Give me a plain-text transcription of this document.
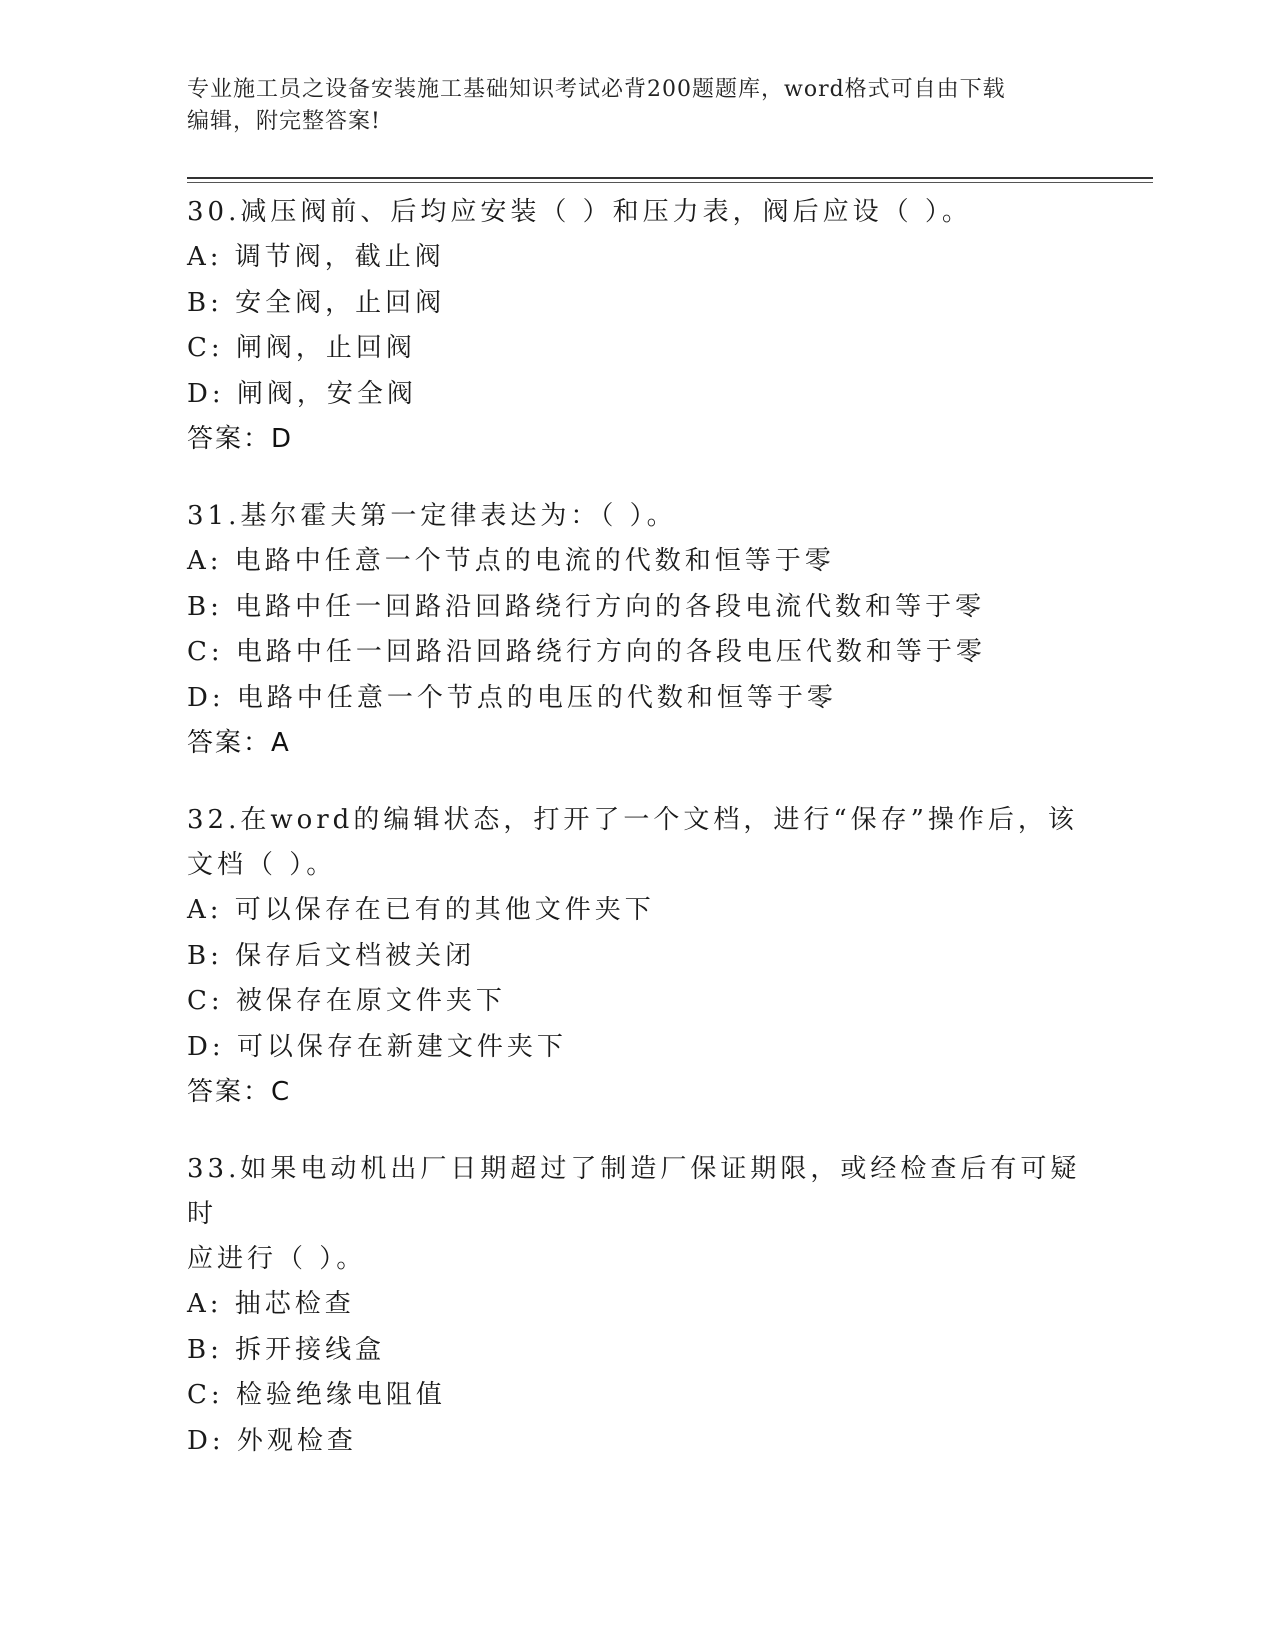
专业施工员之设备安装施工基础知识考试必背200题题库，word格式可自由下载
编辑，附完整答案!

30.减压阀前、后均应安装（ ）和压力表，阀后应设（ ）。

A: 调节阀，截止阀

B: 安全阀，止回阀

C: 闸阀，止回阀

D: 闸阀，安全阀

答案：D

31.基尔霍夫第一定律表达为：（ ）。

A: 电路中任意一个节点的电流的代数和恒等于零

B: 电路中任一回路沿回路绕行方向的各段电流代数和等于零

C: 电路中任一回路沿回路绕行方向的各段电压代数和等于零

D: 电路中任意一个节点的电压的代数和恒等于零

答案：A

32.在word的编辑状态，打开了一个文档，进行“保存”操作后，该

文档（ ）。

A: 可以保存在已有的其他文件夹下

B: 保存后文档被关闭

C: 被保存在原文件夹下

D: 可以保存在新建文件夹下

答案：C

33.如果电动机出厂日期超过了制造厂保证期限，或经检查后有可疑时

应进行（ ）。

A: 抽芯检查

B: 拆开接线盒

C: 检验绝缘电阻值

D: 外观检查
